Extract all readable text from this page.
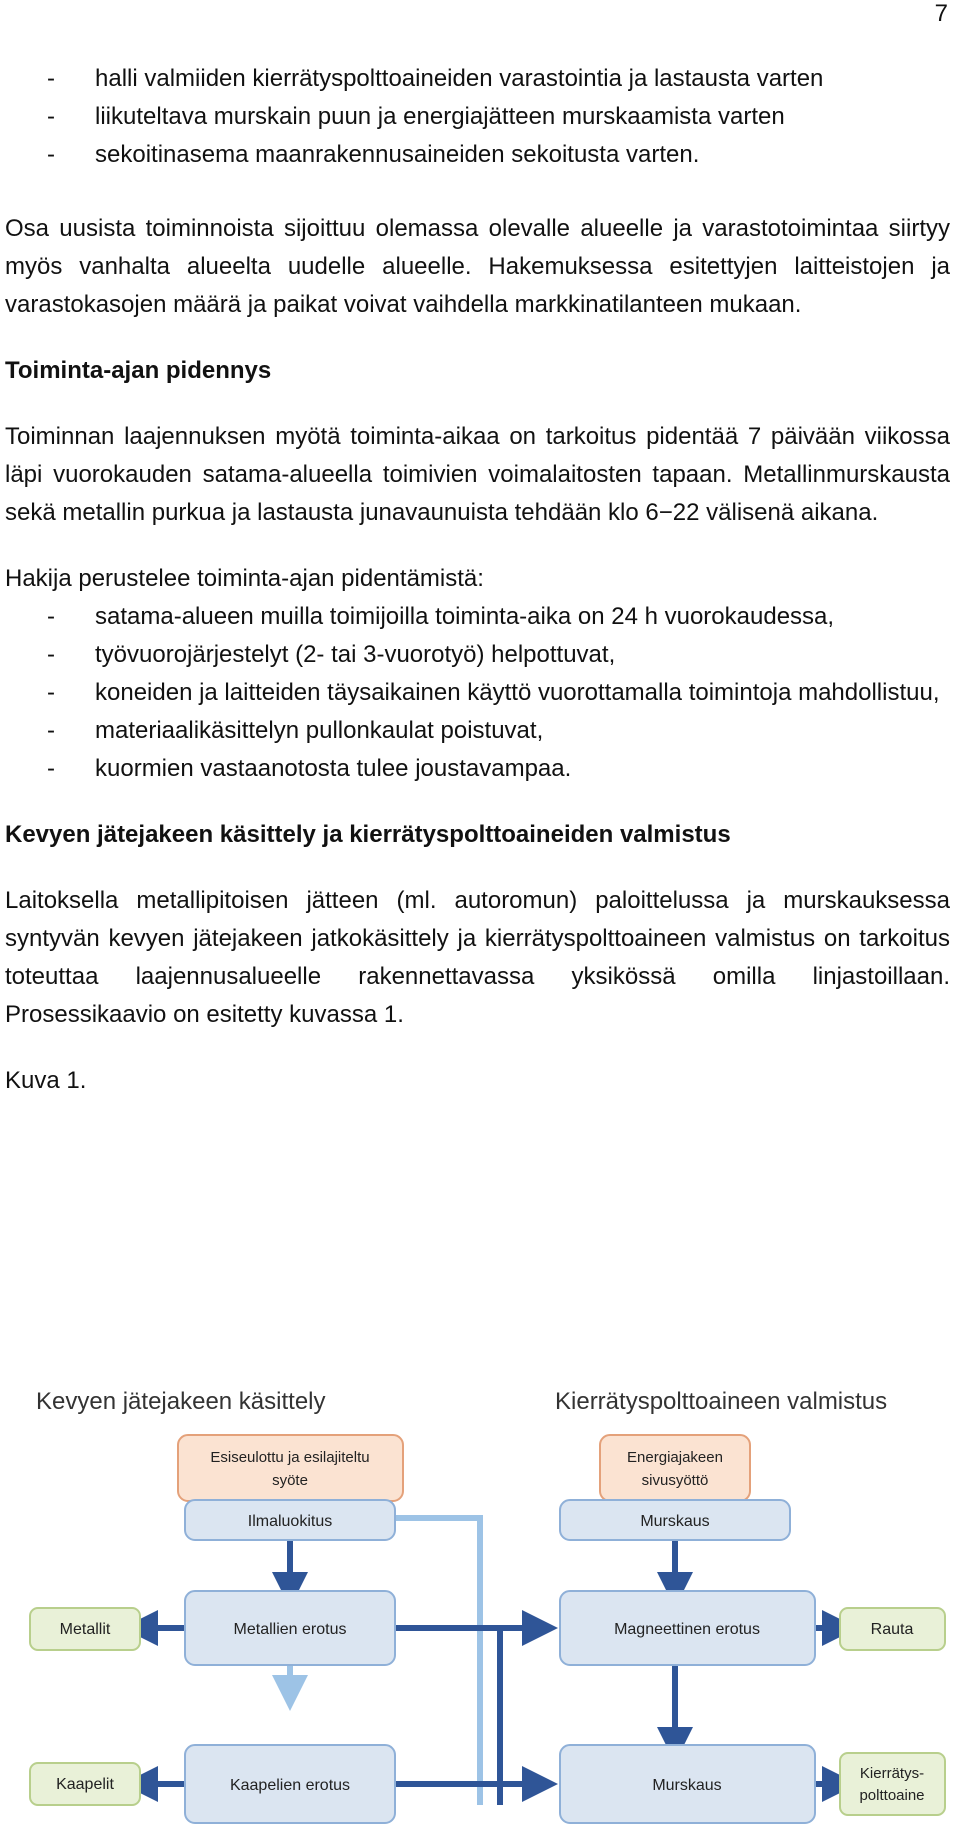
7
- halli valmiiden kierrätyspolttoaineiden varastointia ja lastausta varten
- liikuteltava murskain puun ja energiajätteen murskaamista varten
- sekoitinasema maanrakennusaineiden sekoitusta varten.

Osa uusista toiminnoista sijoittuu olemassa olevalle alueelle ja varastotoimintaa siirtyy myös vanhalta alueelta uudelle alueelle. Hakemuksessa esitettyjen laitteistojen ja varastokasojen määrä ja paikat voivat vaihdella markkinatilanteen mukaan.

Toiminta-ajan pidennys

Toiminnan laajennuksen myötä toiminta-aikaa on tarkoitus pidentää 7 päivään viikossa läpi vuorokauden satama-alueella toimivien voimalaitosten tapaan. Metallinmurskausta sekä metallin purkua ja lastausta junavaunuista tehdään klo 6−22 välisenä aikana.

Hakija perustelee toiminta-ajan pidentämistä:

- satama-alueen muilla toimijoilla toiminta-aika on 24 h vuorokaudessa,
- työvuorojärjestelyt (2- tai 3-vuorotyö) helpottuvat,
- koneiden ja laitteiden täysaikainen käyttö vuorottamalla toimintoja mahdollistuu,
- materiaalikäsittelyn pullonkaulat poistuvat,
- kuormien vastaanotosta tulee joustavampaa.
Kevyen jätejakeen käsittely ja kierrätyspolttoaineiden valmistus

Laitoksella metallipitoisen jätteen (ml. autoromun) paloittelussa ja murskauksessa syntyvän kevyen jätejakeen jatkokäsittely ja kierrätyspolttoaineen valmistus on tarkoitus toteuttaa laajennusalueelle rakennettavassa yksikössä omilla linjastoillaan. Prosessikaavio on esitetty kuvassa 1.

Kuva 1.

Kevyen jätejakeen käsittely	Kierrätyspolttoaineen valmistus
Esiseulottu ja esilajiteltu
syöte
Energiajakeen
sivusyöttö
Ilmaluokitus	Murskaus
Metallit	Metallien erotus	Magneettinen erotus	Rauta
Kaapelit	Kaapelien erotus	Murskaus
Kierrätys-
polttoaine
